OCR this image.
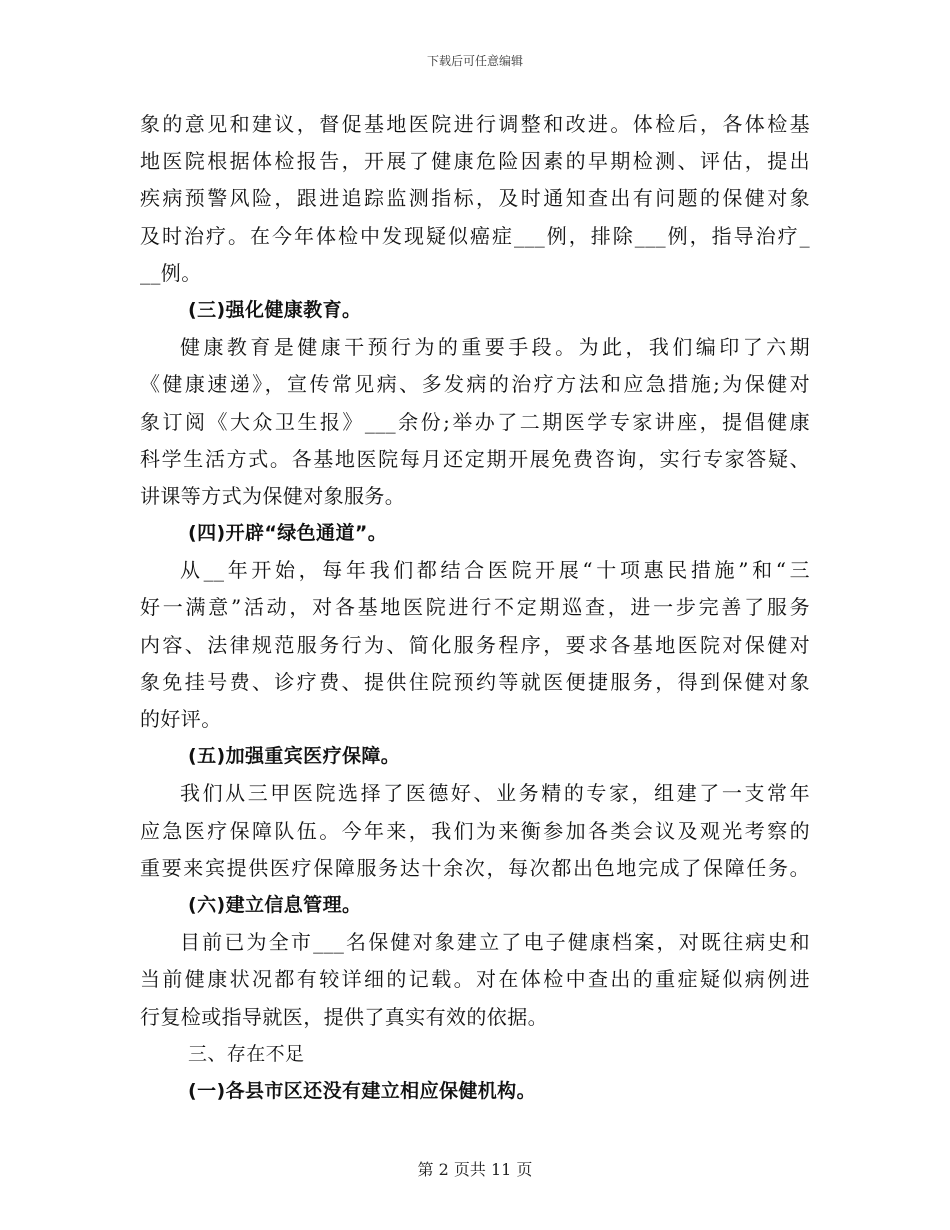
下载后可任意编辑
象的意见和建议，督促基地医院进行调整和改进。体检后，各体检基
地医院根据体检报告，开展了健康危险因素的早期检测、评估，提出
疾病预警风险，跟进追踪监测指标，及时通知查出有问题的保健对象
及时治疗。在今年体检中发现疑似癌症___例，排除___例，指导治疗_
__例。
(三)强化健康教育。
健康教育是健康干预行为的重要手段。为此，我们编印了六期
《健康速递》，宣传常见病、多发病的治疗方法和应急措施;为保健对
象订阅《大众卫生报》___余份;举办了二期医学专家讲座，提倡健康
科学生活方式。各基地医院每月还定期开展免费咨询，实行专家答疑、
讲课等方式为保健对象服务。
(四)开辟“绿色通道”。
从__年开始，每年我们都结合医院开展“十项惠民措施”和“三
好一满意”活动，对各基地医院进行不定期巡查，进一步完善了服务
内容、法律规范服务行为、简化服务程序，要求各基地医院对保健对
象免挂号费、诊疗费、提供住院预约等就医便捷服务，得到保健对象
的好评。
(五)加强重宾医疗保障。
我们从三甲医院选择了医德好、业务精的专家，组建了一支常年
应急医疗保障队伍。今年来，我们为来衡参加各类会议及观光考察的
重要来宾提供医疗保障服务达十余次，每次都出色地完成了保障任务。
(六)建立信息管理。
目前已为全市___名保健对象建立了电子健康档案，对既往病史和
当前健康状况都有较详细的记载。对在体检中查出的重症疑似病例进
行复检或指导就医，提供了真实有效的依据。
三、存在不足
(一)各县市区还没有建立相应保健机构。
第 2 页共 11 页
